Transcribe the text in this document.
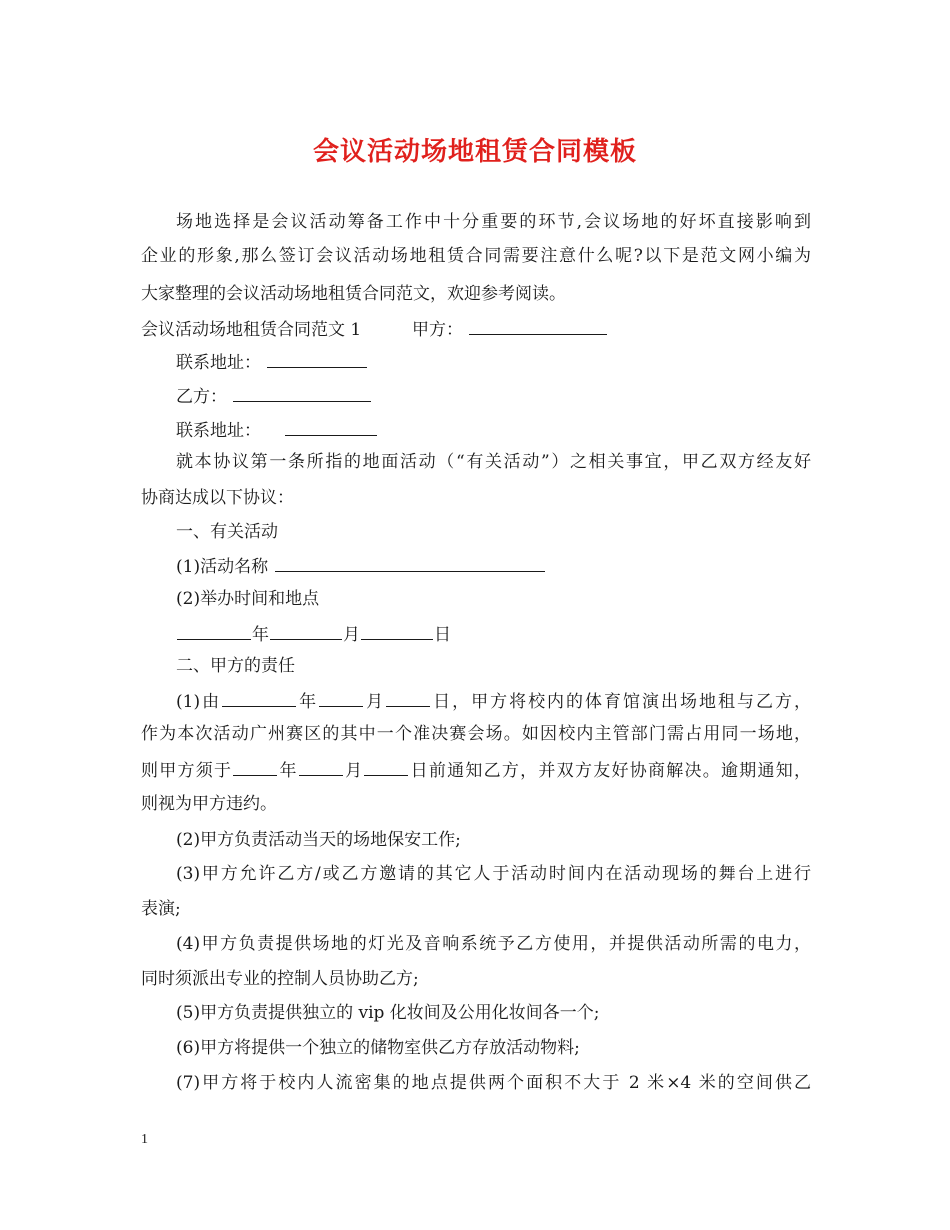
会议活动场地租赁合同模板
场地选择是会议活动筹备工作中十分重要的环节,会议场地的好坏直接影响到
企业的形象,那么签订会议活动场地租赁合同需要注意什么呢?以下是范文网小编为
大家整理的会议活动场地租赁合同范文，欢迎参考阅读。
会议活动场地租赁合同范文 1	甲方：
联系地址：
乙方：
联系地址：
就本协议第一条所指的地面活动（“有关活动”）之相关事宜，甲乙双方经友好
协商达成以下协议：
一、有关活动
(1)活动名称
(2)举办时间和地点
年	月	日
二、甲方的责任
(1)由	年	月	日，甲方将校内的体育馆演出场地租与乙方，
作为本次活动广州赛区的其中一个准决赛会场。如因校内主管部门需占用同一场地，
则甲方须于	年	月	日前通知乙方，并双方友好协商解决。逾期通知，
则视为甲方违约。
(2)甲方负责活动当天的场地保安工作;
(3)甲方允许乙方/或乙方邀请的其它人于活动时间内在活动现场的舞台上进行
表演;
(4)甲方负责提供场地的灯光及音响系统予乙方使用，并提供活动所需的电力，
同时须派出专业的控制人员协助乙方;
(5)甲方负责提供独立的 vip 化妆间及公用化妆间各一个;
(6)甲方将提供一个独立的储物室供乙方存放活动物料;
(7)甲方将于校内人流密集的地点提供两个面积不大于 2 米×4 米的空间供乙
1
